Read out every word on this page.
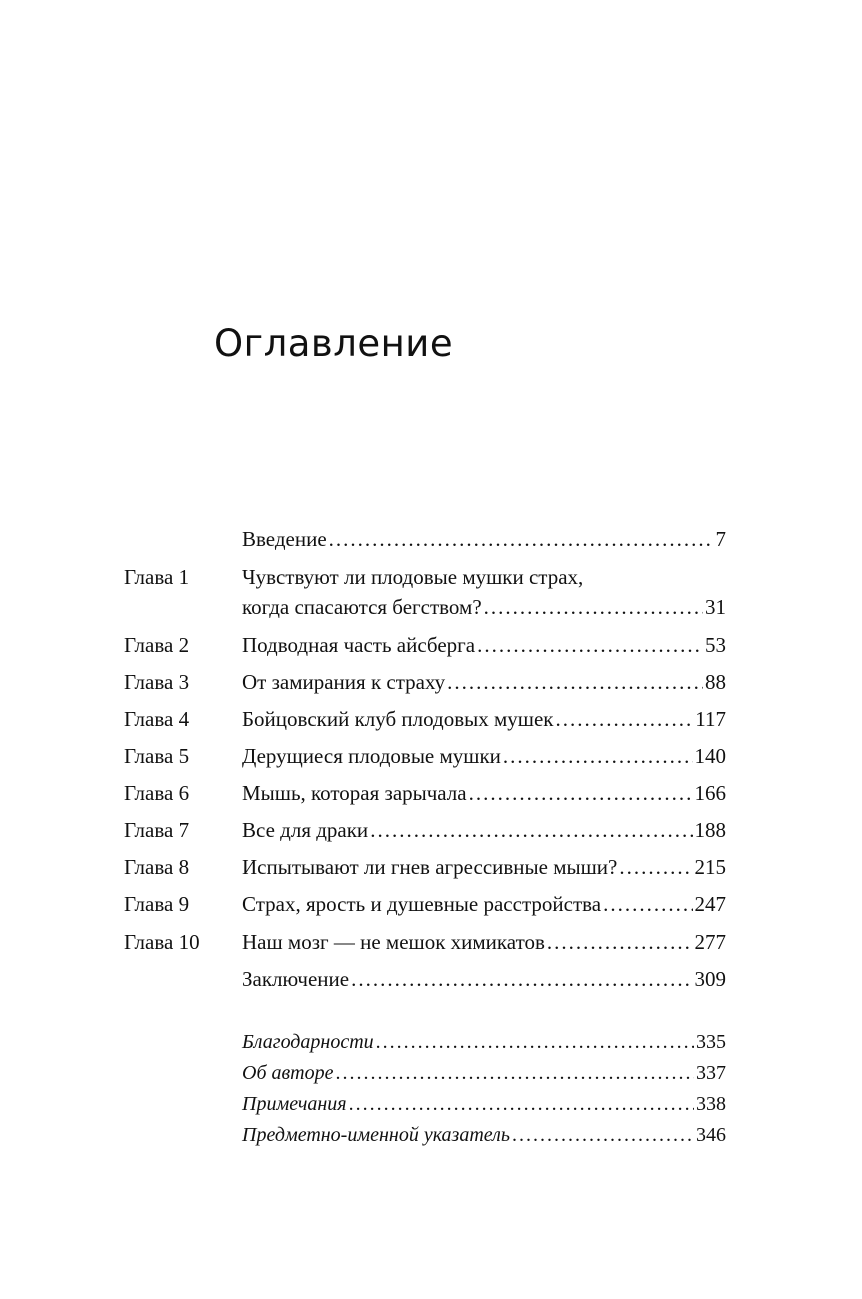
Оглавление
Введение .....	7
Глава 1	Чувствуют ли плодовые мушки страх,
когда спасаются бегством? .....	31
Глава 2	Подводная часть айсберга .....	53
Глава 3	От замирания к страху .....	88
Глава 4	Бойцовский клуб плодовых мушек .....	117
Глава 5	Дерущиеся плодовые мушки .....	140
Глава 6	Мышь, которая зарычала .....	166
Глава 7	Все для драки .....	188
Глава 8	Испытывают ли гнев агрессивные мыши? .....	215
Глава 9	Страх, ярость и душевные расстройства .....	247
Глава 10 Наш мозг — не мешок химикатов .....	277
Заключение .....	309
Благодарности .....	335
Об авторе .....	337
Примечания .....	338
Предметно-именной указатель .....	346
